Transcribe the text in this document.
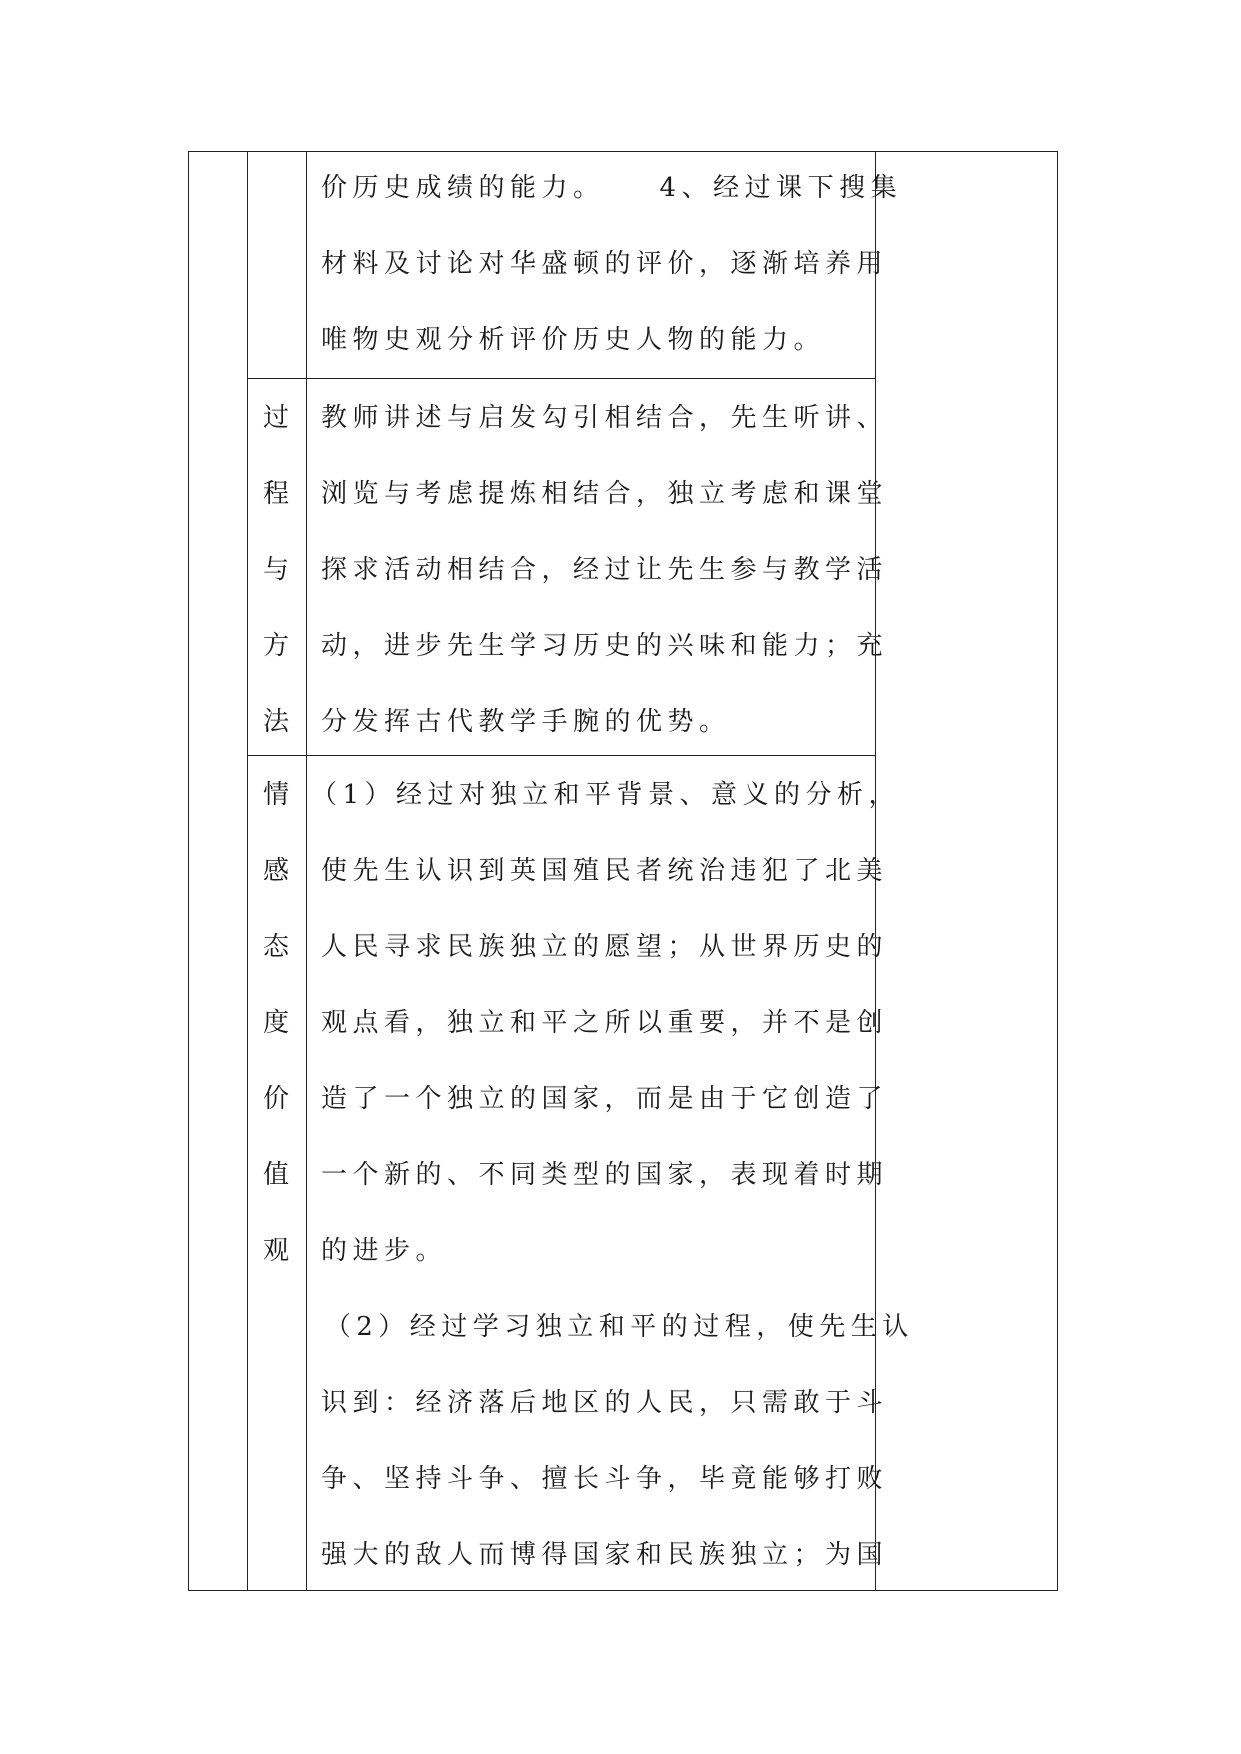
价历史成绩的能力。    4、经过课下搜集
材料及讨论对华盛顿的评价，逐渐培养用
唯物史观分析评价历史人物的能力。
过
程
与
方
法
教师讲述与启发勾引相结合，先生听讲、
浏览与考虑提炼相结合，独立考虑和课堂
探求活动相结合，经过让先生参与教学活
动，进步先生学习历史的兴味和能力；充
分发挥古代教学手腕的优势。
情
感
态
度
价
值
观
（1）经过对独立和平背景、意义的分析，
使先生认识到英国殖民者统治违犯了北美
人民寻求民族独立的愿望；从世界历史的
观点看，独立和平之所以重要，并不是创
造了一个独立的国家，而是由于它创造了
一个新的、不同类型的国家，表现着时期
的进步。
（2）经过学习独立和平的过程，使先生认
识到：经济落后地区的人民，只需敢于斗
争、坚持斗争、擅长斗争，毕竟能够打败
强大的敌人而博得国家和民族独立；为国
